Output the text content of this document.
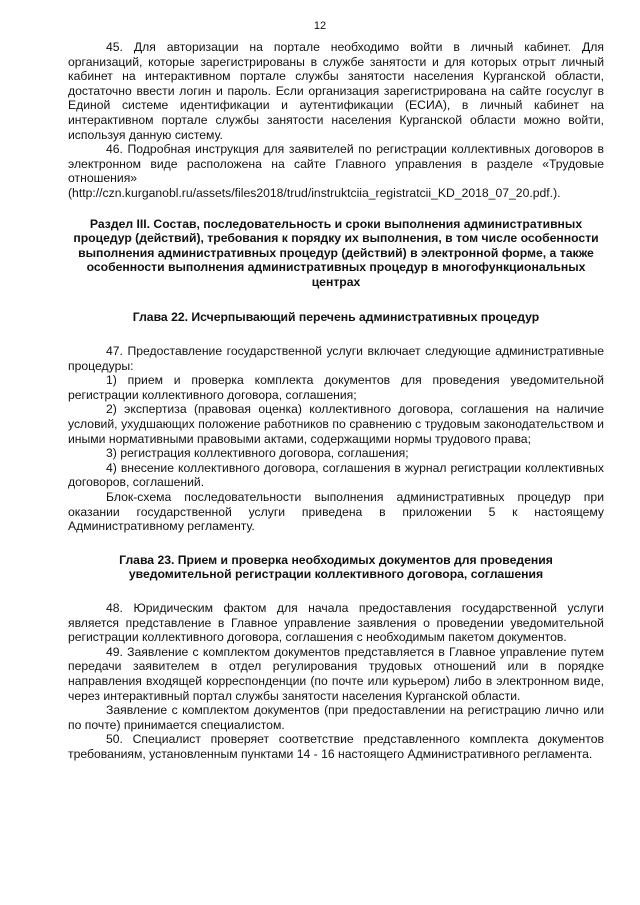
12

45. Для авторизации на портале необходимо войти в личный кабинет. Для организаций, которые зарегистрированы в службе занятости и для которых отрыт личный кабинет на интерактивном портале службы занятости населения Курганской области, достаточно ввести логин и пароль. Если организация зарегистрирована на сайте госуслуг в Единой системе идентификации и аутентификации (ЕСИА), в личный кабинет на интерактивном портале службы занятости населения Курганской области можно войти, используя данную систему.

46. Подробная инструкция для заявителей по регистрации коллективных договоров в электронном виде расположена на сайте Главного управления в разделе «Трудовые отношения» (http://czn.kurganobl.ru/assets/files2018/trud/instruktciia_registratcii_KD_2018_07_20.pdf.).

Раздел III. Состав, последовательность и сроки выполнения административных процедур (действий), требования к порядку их выполнения, в том числе особенности выполнения административных процедур (действий) в электронной форме, а также особенности выполнения административных процедур в многофункциональных центрах
Глава 22. Исчерпывающий перечень административных процедур

47. Предоставление государственной услуги включает следующие административные процедуры:

1) прием и проверка комплекта документов для проведения уведомительной регистрации коллективного договора, соглашения;

2) экспертиза (правовая оценка) коллективного договора, соглашения на наличие условий, ухудшающих положение работников по сравнению с трудовым законодательством и иными нормативными правовыми актами, содержащими нормы трудового права;

3) регистрация коллективного договора, соглашения;

4) внесение коллективного договора, соглашения в журнал регистрации коллективных договоров, соглашений.

Блок-схема последовательности выполнения административных процедур при оказании государственной услуги приведена в приложении 5 к настоящему Административному регламенту.

Глава 23. Прием и проверка необходимых документов для проведения уведомительной регистрации коллективного договора, соглашения

48. Юридическим фактом для начала предоставления государственной услуги является представление в Главное управление заявления о проведении уведомительной регистрации коллективного договора, соглашения с необходимым пакетом документов.

49. Заявление с комплектом документов представляется в Главное управление путем передачи заявителем в отдел регулирования трудовых отношений или в порядке направления входящей корреспонденции (по почте или курьером) либо в электронном виде, через интерактивный портал службы занятости населения Курганской области.

Заявление с комплектом документов (при предоставлении на регистрацию лично или по почте) принимается специалистом.

50. Специалист проверяет соответствие представленного комплекта документов требованиям, установленным пунктами 14 - 16 настоящего Административного регламента.
